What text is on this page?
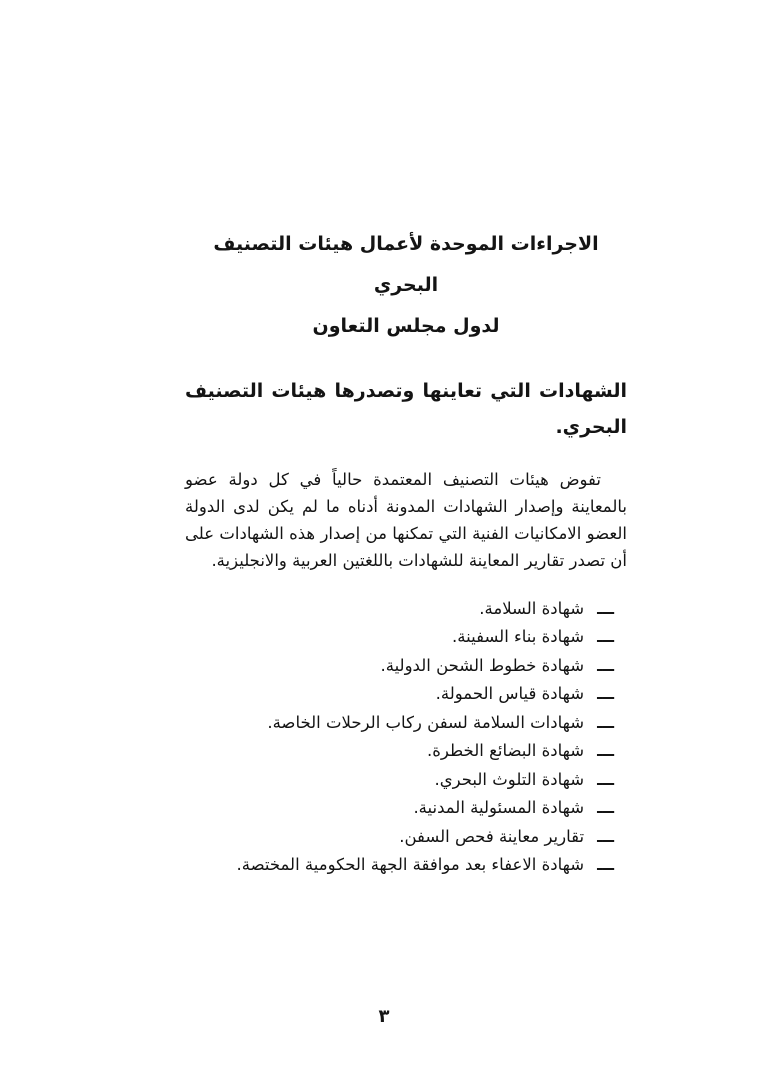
الاجراءات الموحدة لأعمال هيئات التصنيف البحري
لدول مجلس التعاون
الشهادات التي تعاينها وتصدرها هيئات التصنيف
البحري.

تفوض هيئات التصنيف المعتمدة حالياً في كل دولة عضو بالمعاينة وإصدار الشهادات المدونة أدناه ما لم يكن لدى الدولة العضو الامكانيات الفنية التي تمكنها من إصدار هذه الشهادات على أن تصدر تقارير المعاينة للشهادات باللغتين العربية والانجليزية.

ـــ
شهادة السلامة.
ـــ
شهادة بناء السفينة.
ـــ
شهادة خطوط الشحن الدولية.
ـــ
شهادة قياس الحمولة.
ـــ
شهادات السلامة لسفن ركاب الرحلات الخاصة.
ـــ
شهادة البضائع الخطرة.
ـــ
شهادة التلوث البحري.
ـــ
شهادة المسئولية المدنية.
ـــ
تقارير معاينة فحص السفن.
ـــ
شهادة الاعفاء بعد موافقة الجهة الحكومية المختصة.
٣
